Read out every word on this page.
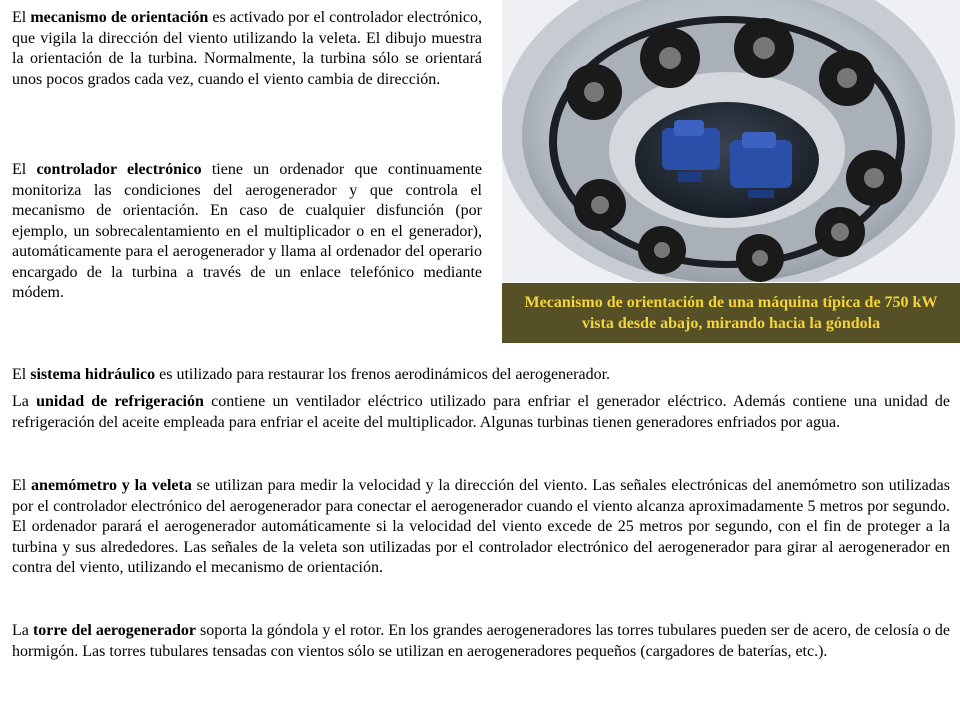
El mecanismo de orientación es activado por el controlador electrónico, que vigila la dirección del viento utilizando la veleta. El dibujo muestra la orientación de la turbina. Normalmente, la turbina sólo se orientará unos pocos grados cada vez, cuando el viento cambia de dirección.

El controlador electrónico tiene un ordenador que continuamente monitoriza las condiciones del aerogenerador y que controla el mecanismo de orientación. En caso de cualquier disfunción (por ejemplo, un sobrecalentamiento en el multiplicador o en el generador), automáticamente para el aerogenerador y llama al ordenador del operario encargado de la turbina a través de un enlace telefónico mediante módem.

Mecanismo de orientación de una máquina típica de 750 kW vista desde abajo, mirando hacia la góndola

El sistema hidráulico es utilizado para restaurar los frenos aerodinámicos del aerogenerador.

La unidad de refrigeración contiene un ventilador eléctrico utilizado para enfriar el generador eléctrico. Además contiene una unidad de refrigeración del aceite empleada para enfriar el aceite del multiplicador. Algunas turbinas tienen generadores enfriados por agua.

El anemómetro y la veleta se utilizan para medir la velocidad y la dirección del viento. Las señales electrónicas del anemómetro son utilizadas por el controlador electrónico del aerogenerador para conectar el aerogenerador cuando el viento alcanza aproximadamente 5 metros por segundo. El ordenador parará el aerogenerador automáticamente si la velocidad del viento excede de 25 metros por segundo, con el fin de proteger a la turbina y sus alrededores. Las señales de la veleta son utilizadas por el controlador electrónico del aerogenerador para girar al aerogenerador en contra del viento, utilizando el mecanismo de orientación.

La torre del aerogenerador soporta la góndola y el rotor. En los grandes aerogeneradores las torres tubulares pueden ser de acero, de celosía o de hormigón. Las torres tubulares tensadas con vientos sólo se utilizan en aerogeneradores pequeños (cargadores de baterías, etc.).
